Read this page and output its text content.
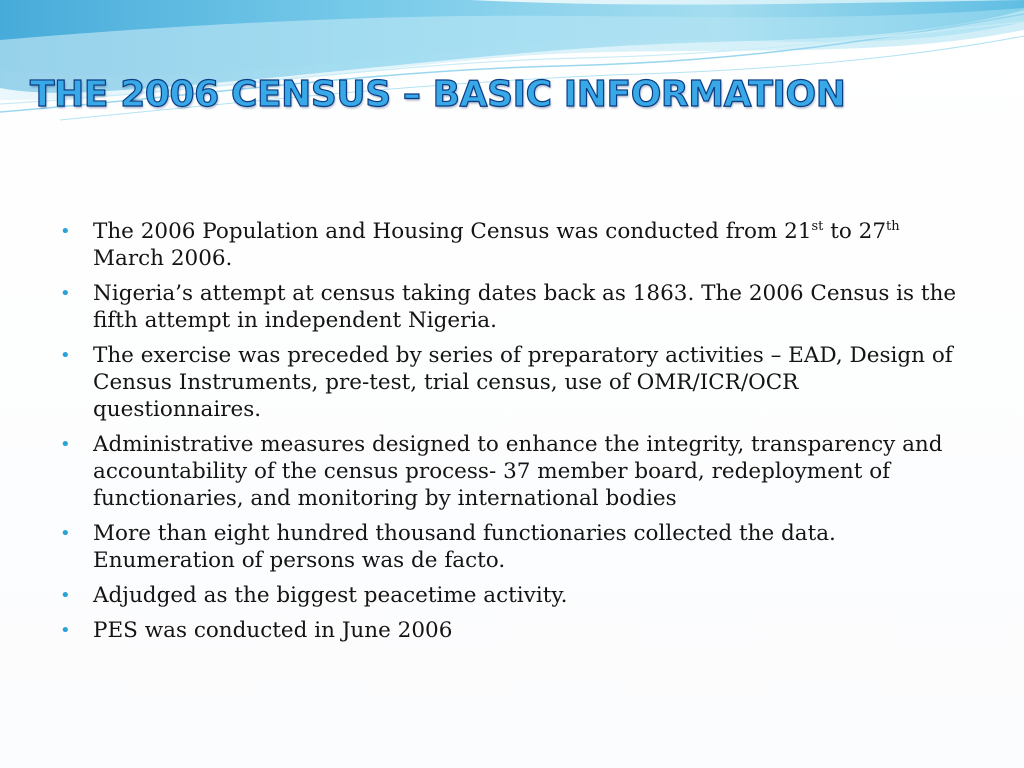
THE 2006 CENSUS – BASIC INFORMATION
• The 2006 Population and Housing Census was conducted from 21st to 27th March 2006.
• Nigeria’s attempt at census taking dates back as 1863. The 2006 Census is the fifth attempt in independent Nigeria.
• The exercise was preceded by series of preparatory activities – EAD, Design of Census Instruments, pre-test, trial census, use of OMR/ICR/OCR questionnaires.
• Administrative measures designed to enhance the integrity, transparency and accountability of the census process- 37 member board, redeployment of functionaries, and monitoring by international bodies
• More than eight hundred thousand functionaries collected the data. Enumeration of persons was de facto.
• Adjudged as the biggest peacetime activity.
• PES was conducted in June 2006
